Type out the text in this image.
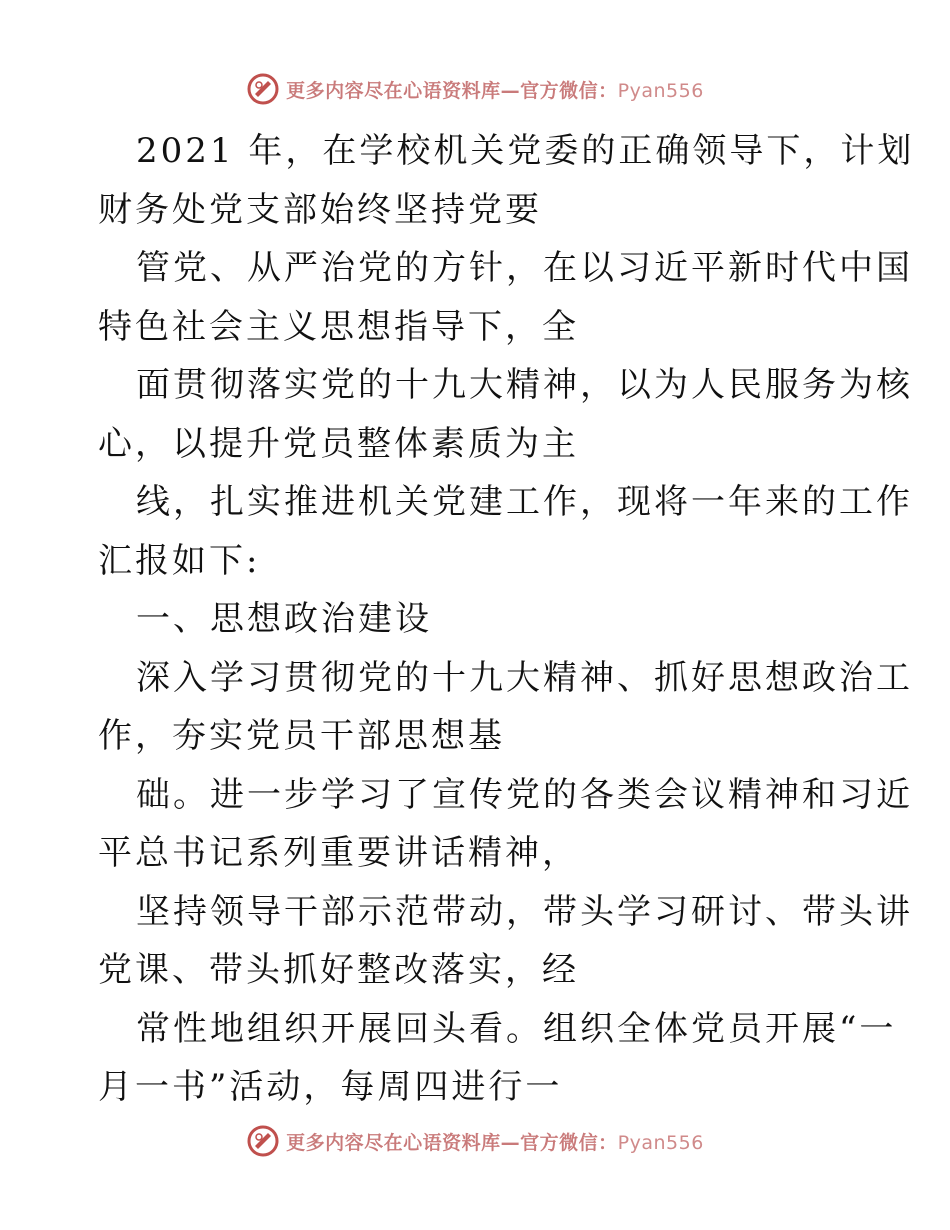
更多内容尽在心语资料库—官方微信：Pyan556
2021 年，在学校机关党委的正确领导下，计划
财务处党支部始终坚持党要
管党、从严治党的方针，在以习近平新时代中国
特色社会主义思想指导下，全
面贯彻落实党的十九大精神，以为人民服务为核
心，以提升党员整体素质为主
线，扎实推进机关党建工作，现将一年来的工作
汇报如下:
一、思想政治建设
深入学习贯彻党的十九大精神、抓好思想政治工
作，夯实党员干部思想基
础。进一步学习了宣传党的各类会议精神和习近
平总书记系列重要讲话精神，
坚持领导干部示范带动，带头学习研讨、带头讲
党课、带头抓好整改落实，经
常性地组织开展回头看。组织全体党员开展“一
月一书”活动，每周四进行一
更多内容尽在心语资料库—官方微信：Pyan556
